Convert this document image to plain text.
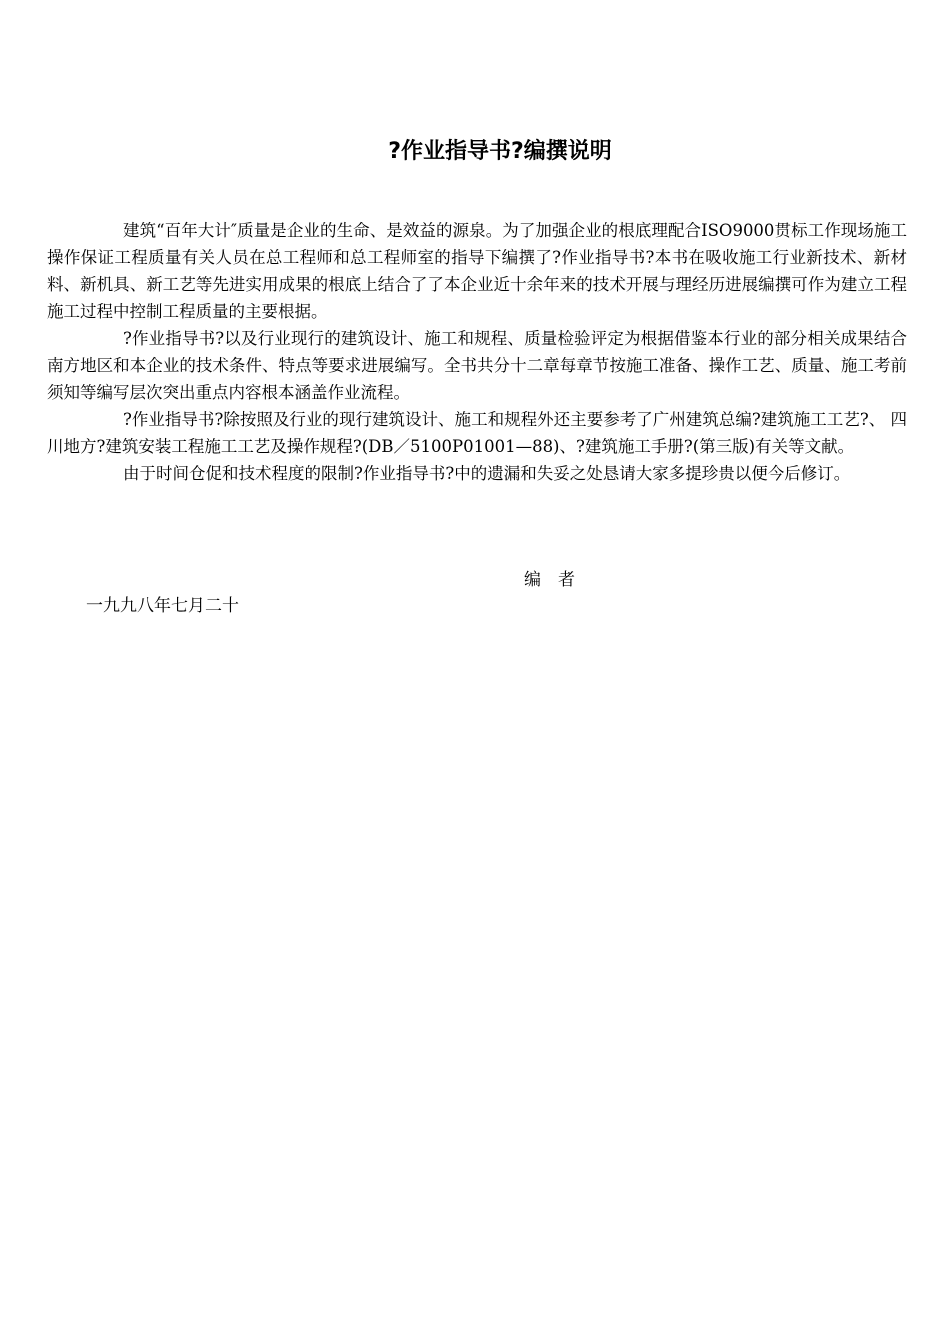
?作业指导书?编撰说明

建筑“百年大计″质量是企业的生命、是效益的源泉。为了加强企业的根底理配合ISO9000贯标工作现场施工操作保证工程质量有关人员在总工程师和总工程师室的指导下编撰了?作业指导书?本书在吸收施工行业新技术、新材料、新机具、新工艺等先进实用成果的根底上结合了了本企业近十余年来的技术开展与理经历进展编撰可作为建立工程施工过程中控制工程质量的主要根据。

?作业指导书?以及行业现行的建筑设计、施工和规程、质量检验评定为根据借鉴本行业的部分相关成果结合南方地区和本企业的技术条件、特点等要求进展编写。全书共分十二章每章节按施工准备、操作工艺、质量、施工考前须知等编写层次突出重点内容根本涵盖作业流程。

?作业指导书?除按照及行业的现行建筑设计、施工和规程外还主要参考了广州建筑总编?建筑施工工艺?、 四川地方?建筑安装工程施工工艺及操作规程?(DB／5100P01001—88)、?建筑施工手册?(第三版)有关等文献。

由于时间仓促和技术程度的限制?作业指导书?中的遗漏和失妥之处恳请大家多提珍贵以便今后修订。

编　者
一九九八年七月二十
